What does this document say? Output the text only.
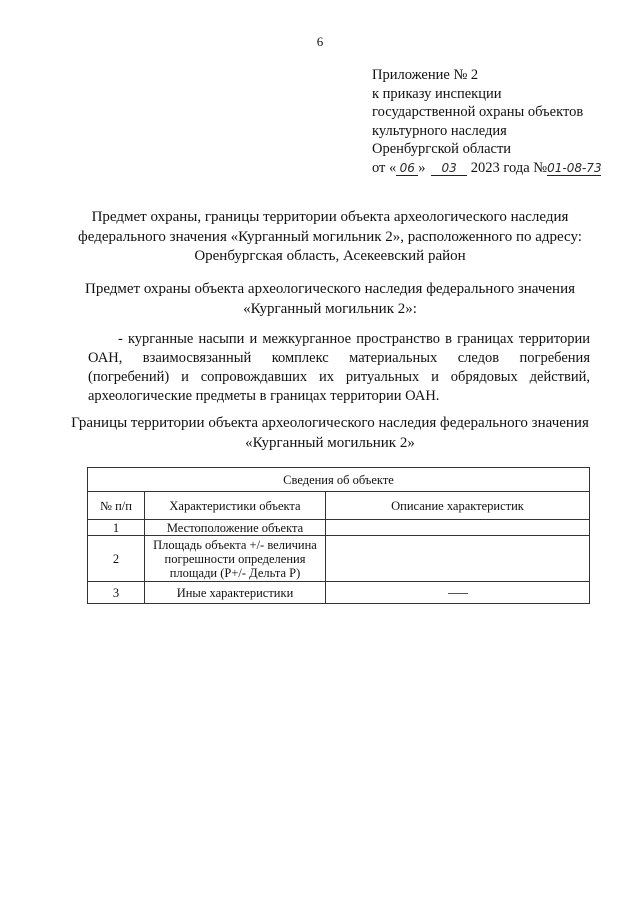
6
Приложение № 2
к приказу инспекции
государственной охраны объектов
культурного наследия
Оренбургской области
от « 06 » 03 2023 года №01-08-73
Предмет охраны, границы территории объекта археологического наследия федерального значения «Курганный могильник 2», расположенного по адресу: Оренбургская область, Асекеевский район
Предмет охраны объекта археологического наследия федерального значения «Курганный могильник 2»:
- курганные насыпи и межкурганное пространство в границах территории ОАН, взаимосвязанный комплекс материальных следов погребения (погребений) и сопровождавших их ритуальных и обрядовых действий, археологические предметы в границах территории ОАН.
Границы территории объекта археологического наследия федерального значения «Курганный могильник 2»
Сведения об объекте		
№ п/п	Характеристики объекта	Описание характеристик
1	Местоположение объекта	
2	Площадь объекта +/- величина погрешности определения площади (P+/- Дельта P)	
3	Иные характеристики	
